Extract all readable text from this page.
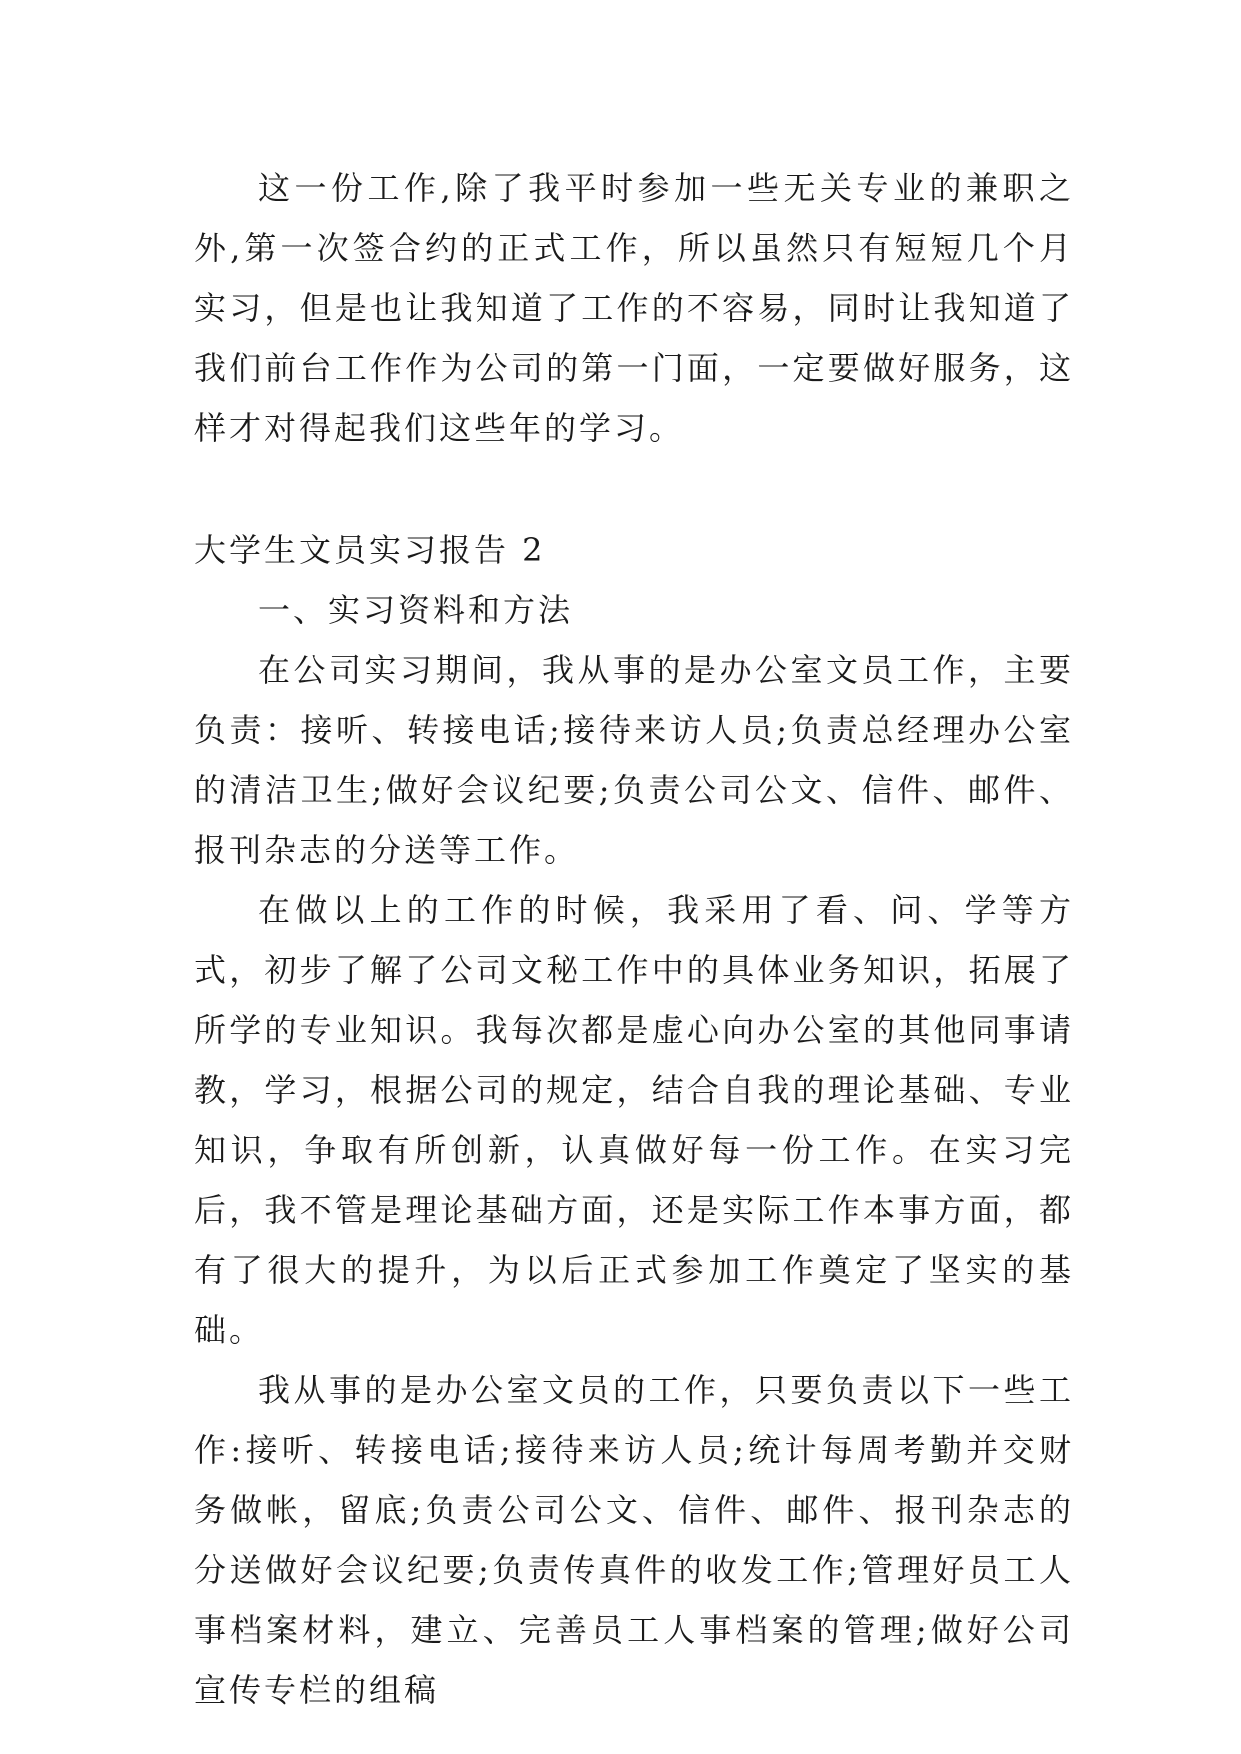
这一份工作,除了我平时参加一些无关专业的兼职之外,第一次签合约的正式工作，所以虽然只有短短几个月实习，但是也让我知道了工作的不容易，同时让我知道了我们前台工作作为公司的第一门面，一定要做好服务，这样才对得起我们这些年的学习。

大学生文员实习报告 2

一、实习资料和方法

在公司实习期间，我从事的是办公室文员工作，主要负责：接听、转接电话;接待来访人员;负责总经理办公室的清洁卫生;做好会议纪要;负责公司公文、信件、邮件、报刊杂志的分送等工作。

在做以上的工作的时候，我采用了看、问、学等方式，初步了解了公司文秘工作中的具体业务知识，拓展了所学的专业知识。我每次都是虚心向办公室的其他同事请教，学习，根据公司的规定，结合自我的理论基础、专业知识，争取有所创新，认真做好每一份工作。在实习完后，我不管是理论基础方面，还是实际工作本事方面，都有了很大的提升，为以后正式参加工作奠定了坚实的基础。

我从事的是办公室文员的工作，只要负责以下一些工作:接听、转接电话;接待来访人员;统计每周考勤并交财务做帐，留底;负责公司公文、信件、邮件、报刊杂志的分送做好会议纪要;负责传真件的收发工作;管理好员工人事档案材料，建立、完善员工人事档案的管理;做好公司宣传专栏的组稿
